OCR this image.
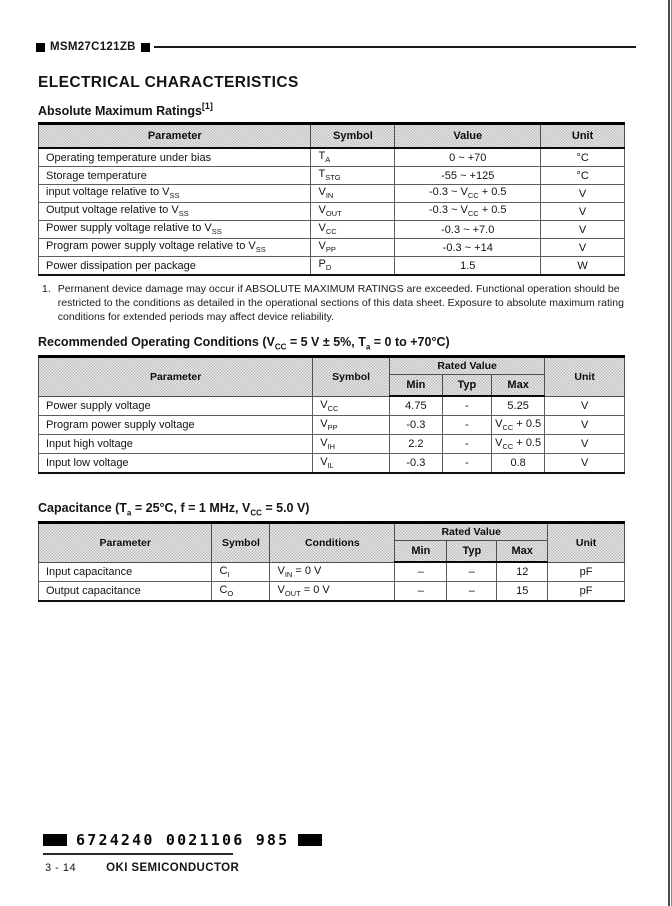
MSM27C121ZB
ELECTRICAL CHARACTERISTICS
Absolute Maximum Ratings[1]
Parameter	Symbol	Value	Unit
Operating temperature under bias	$T_A$	0 ~ +70	°C
Storage temperature	$T_{STG}$	-55 ~ +125	°C
input voltage relative to $V_{SS}$	$V_{IN}$	-0.3 ~ $V_{CC} + 0.5$	V
Output voltage relative to $V_{SS}$	$V_{OUT}$	-0.3 ~ $V_{CC} + 0.5$	V
Power supply voltage relative to $V_{SS}$	$V_{CC}$	-0.3 ~ +7.0	V
Program power supply voltage relative to $V_{SS}$	$V_{PP}$	-0.3 ~ +14	V
Power dissipation per package	$P_D$	1.5	W
1. Permanent device damage may occur if ABSOLUTE MAXIMUM RATINGS are exceeded. Functional operation should be restricted to the conditions as detailed in the operational sections of this data sheet. Exposure to absolute maximum rating conditions for extended periods may affect device reliability.
Recommended Operating Conditions ($V_{CC} = 5$ V ± 5%, $T_a = 0$ to +70°C)
Parameter	Symbol	Rated Value			Unit
		Min	Typ	Max	
Power supply voltage	$V_{CC}$	4.75	-	5.25	V
Program power supply voltage	$V_{PP}$	-0.3	-	$V_{CC} + 0.5$	V
Input high voltage	$V_{IH}$	2.2	-	$V_{CC} + 0.5$	V
Input low voltage	$V_{IL}$	-0.3	-	0.8	V
Capacitance ($T_a = 25^\circ C$, f = 1 MHz, $V_{CC} = 5.0$ V)
Parameter	Symbol	Conditions	Rated Value			Unit
			Min	Typ	Max	
Input capacitance	$C_I$	$V_{IN} = 0$ V	–	–	12	pF
Output capacitance	$C_O$	$V_{OUT} = 0$ V	–	–	15	pF
6724240 0021106 985
3 - 14	OKI SEMICONDUCTOR
